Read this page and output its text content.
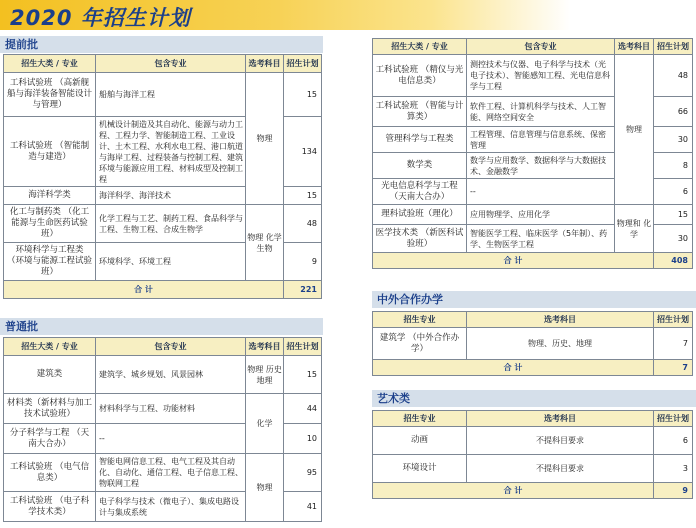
2020 年招生计划
提前批
招生大类 / 专业	包含专业	选考科目	招生计划
工科试验班 （高新舰船与海洋装备智能设计与管理）	船舶与海洋工程	物理	15
工科试验班 （智能制造与建造）	机械设计制造及其自动化、能源与动力工程、工程力学、智能制造工程、工业设计、土木工程、水利水电工程、港口航道与海岸工程、过程装备与控制工程、建筑环境与能源应用工程、材料成型及控制工程		134
海洋科学类	海洋科学、海洋技术		15
化工与制药类 （化工能源与生命医药试验班）	化学工程与工艺、制药工程、食品科学与工程、生物工程、合成生物学	物理 化学 生物	48
环境科学与工程类 （环境与能源工程试验班）	环境科学、环境工程		9
合 计			221
普通批
招生大类 / 专业	包含专业	选考科目	招生计划
建筑类	建筑学、城乡规划、风景园林	物理 历史 地理	15
材料类（新材料与加工技术试验班）	材料科学与工程、功能材料	化学	44
分子科学与工程 （天南大合办）	--		10
工科试验班 （电气信息类）	智能电网信息工程、电气工程及其自动化、自动化、通信工程、电子信息工程、物联网工程	物理	95
工科试验班 （电子科学技术类）	电子科学与技术（微电子）、集成电路设计与集成系统		41
招生大类 / 专业	包含专业	选考科目	招生计划
工科试验班 （精仪与光电信息类）	测控技术与仪器、电子科学与技术（光电子技术）、智能感知工程、光电信息科学与工程	物理	48
工科试验班 （智能与计算类）	软件工程、计算机科学与技术、人工智能、网络空间安全		66
管理科学与工程类	工程管理、信息管理与信息系统、保密管理		30
数学类	数学与应用数学、数据科学与大数据技术、金融数学		8
光电信息科学与工程 （天南大合办）	--		6
理科试验班（理化）	应用物理学、应用化学	物理和 化学	15
医学技术类 （新医科试验班）	智能医学工程、临床医学（5年制）、药学、生物医学工程		30
合 计			408
中外合作办学
招生专业	选考科目	招生计划
建筑学 （中外合作办学）	物理、历史、地理	7
合 计		7
艺术类
招生专业	选考科目	招生计划
动画	不提科目要求	6
环境设计	不提科目要求	3
合 计		9
